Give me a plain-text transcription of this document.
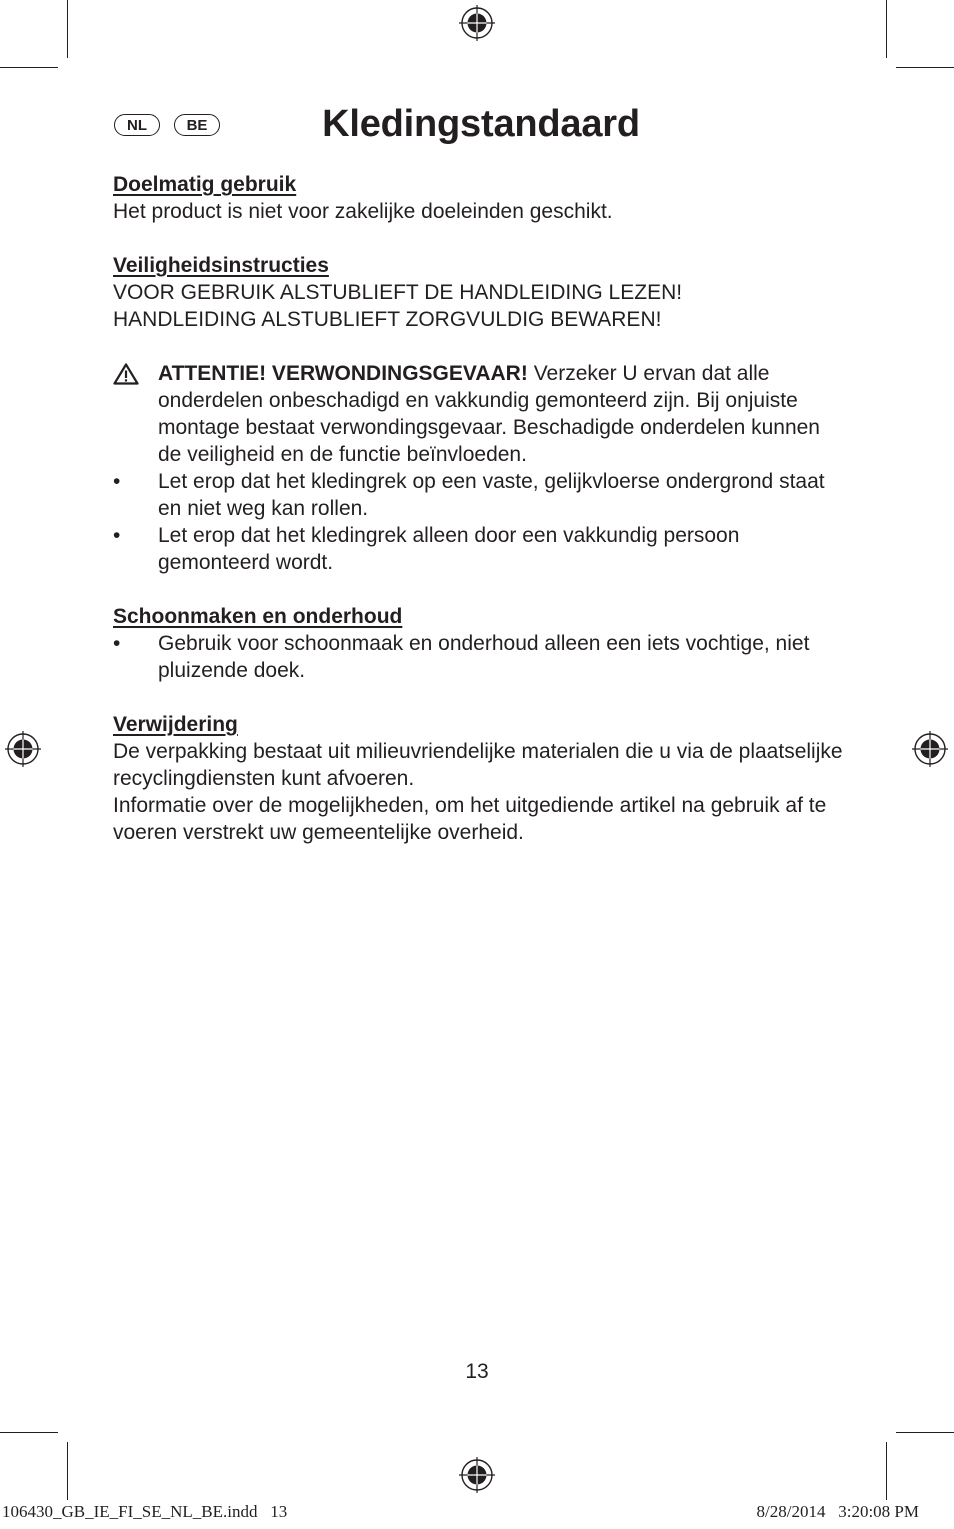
NL	BE	Kledingstandaard

Doelmatig gebruik

Het product is niet voor zakelijke doeleinden geschikt.

Veiligheidsinstructies

VOOR GEBRUIK ALSTUBLIEFT DE HANDLEIDING LEZEN!

HANDLEIDING ALSTUBLIEFT ZORGVULDIG BEWAREN!

ATTENTIE! VERWONDINGSGEVAAR! Verzeker U ervan dat alle onderdelen onbeschadigd en vakkundig gemonteerd zijn. Bij onjuiste montage bestaat verwondingsgevaar. Beschadigde onderdelen kunnen de veiligheid en de functie beïnvloeden.
•	Let erop dat het kledingrek op een vaste, gelijkvloerse ondergrond staat en niet weg kan rollen.
•	Let erop dat het kledingrek alleen door een vakkundig persoon gemonteerd wordt.

Schoonmaken en onderhoud

•	Gebruik voor schoonmaak en onderhoud alleen een iets vochtige, niet pluizende doek.

Verwijdering

De verpakking bestaat uit milieuvriendelijke materialen die u via de plaatselijke recyclingdiensten kunt afvoeren.

Informatie over de mogelijkheden, om het uitgediende artikel na gebruik af te voeren verstrekt uw gemeentelijke overheid.

13
106430_GB_IE_FI_SE_NL_BE.indd   13	8/28/2014   3:20:08 PM
